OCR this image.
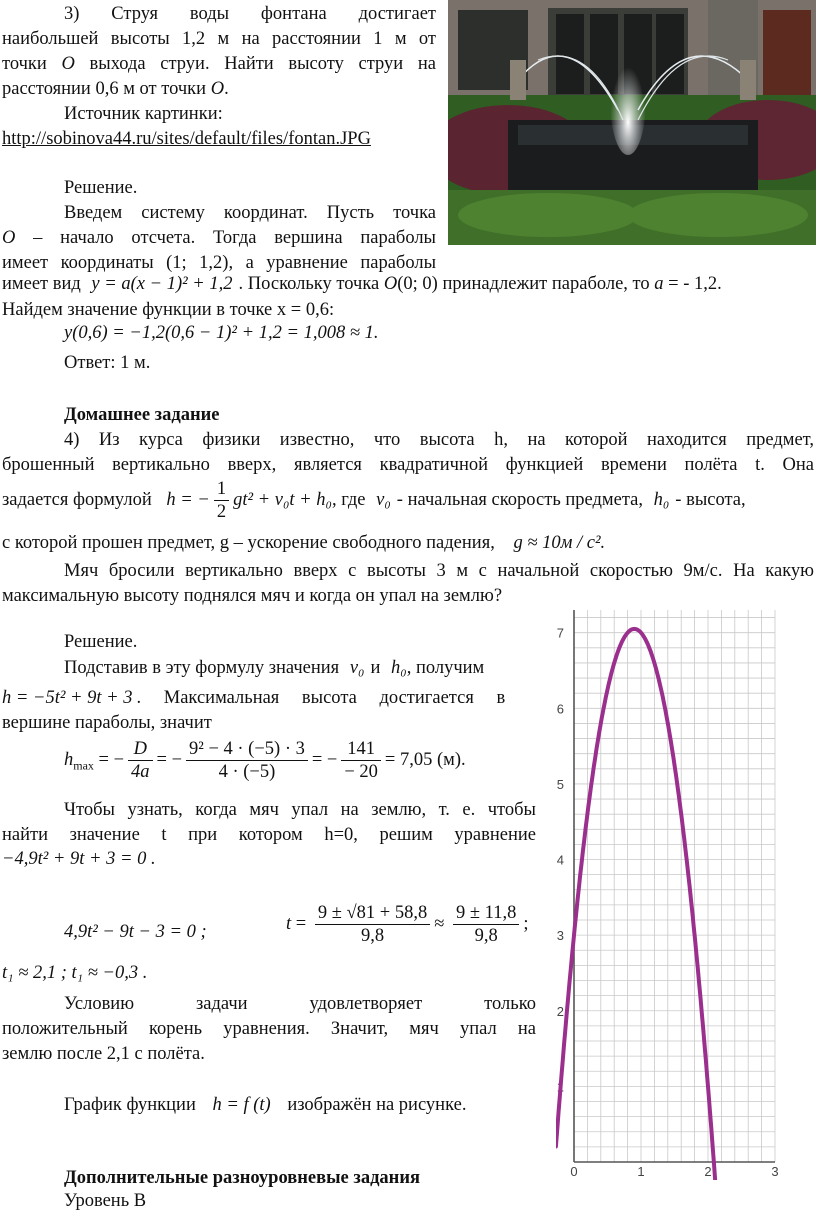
3) Струя воды фонтана достигает
наибольшей высоты 1,2 м на расстоянии 1 м от
точки O выхода струи. Найти высоту струи на
расстоянии 0,6 м от точки O.
Источник картинки:
http://sobinova44.ru/sites/default/files/fontan.JPG
Решение.
Введем систему координат. Пусть точка
O – начало отсчета. Тогда вершина параболы
имеет координаты (1; 1,2), а уравнение параболы
имеет вид y = a(x − 1)² + 1,2 . Поскольку точка O(0; 0) принадлежит параболе, то a = - 1,2.
Найдем значение функции в точке x = 0,6:
y(0,6) = −1,2(0,6 − 1)² + 1,2 = 1,008 ≈ 1.
Ответ: 1 м.
Домашнее задание
4) Из курса физики известно, что высота h, на которой находится предмет,
брошенный вертикально вверх, является квадратичной функцией времени полёта t. Она
задается формулой h = − $\frac{1}{2} gt^2 + v_0t + h_0$, где v₀ - начальная скорость предмета, h₀ - высота,
с которой прошен предмет, g – ускорение свободного падения, g ≈ 10м / с².
Мяч бросили вертикально вверх с высоты 3 м с начальной скоростью 9м/с. На какую
максимальную высоту поднялся мяч и когда он упал на землю?
Решение.
Подставив в эту формулу значения v₀ и h₀, получим
h = −5t² + 9t + 3 . Максимальная высота достигается в
вершине параболы, значит
$h_{max}$ = − $\frac{D}{4a}$ = − $\frac{\text{9² − 4 · (−5) · 3}}{4 \cdot (-5)}$ = − $\frac{141}{- 20} = 7,05$ (м).
Чтобы узнать, когда мяч упал на землю, т. е. чтобы
найти значение t при котором h=0, решим уравнение
−4,9t² + 9t + 3 = 0 .
4,9t² − 9t − 3 = 0 ;	$t = \frac{9 \pm √81 + 58,8}{9,8} \approx \frac{9 \pm 11,8}{9,8}$ ;
t₁ ≈ 2,1 ; t₁ ≈ −0,3 .
Условию задачи удовлетворяет только
положительный корень уравнения. Значит, мяч упал на
землю после 2,1 с полёта.
График функции h = f (t) изображён на рисунке.
Дополнительные разноуровневые задания
Уровень В
0	1	2	3
1
2
3
4
5
6
7
